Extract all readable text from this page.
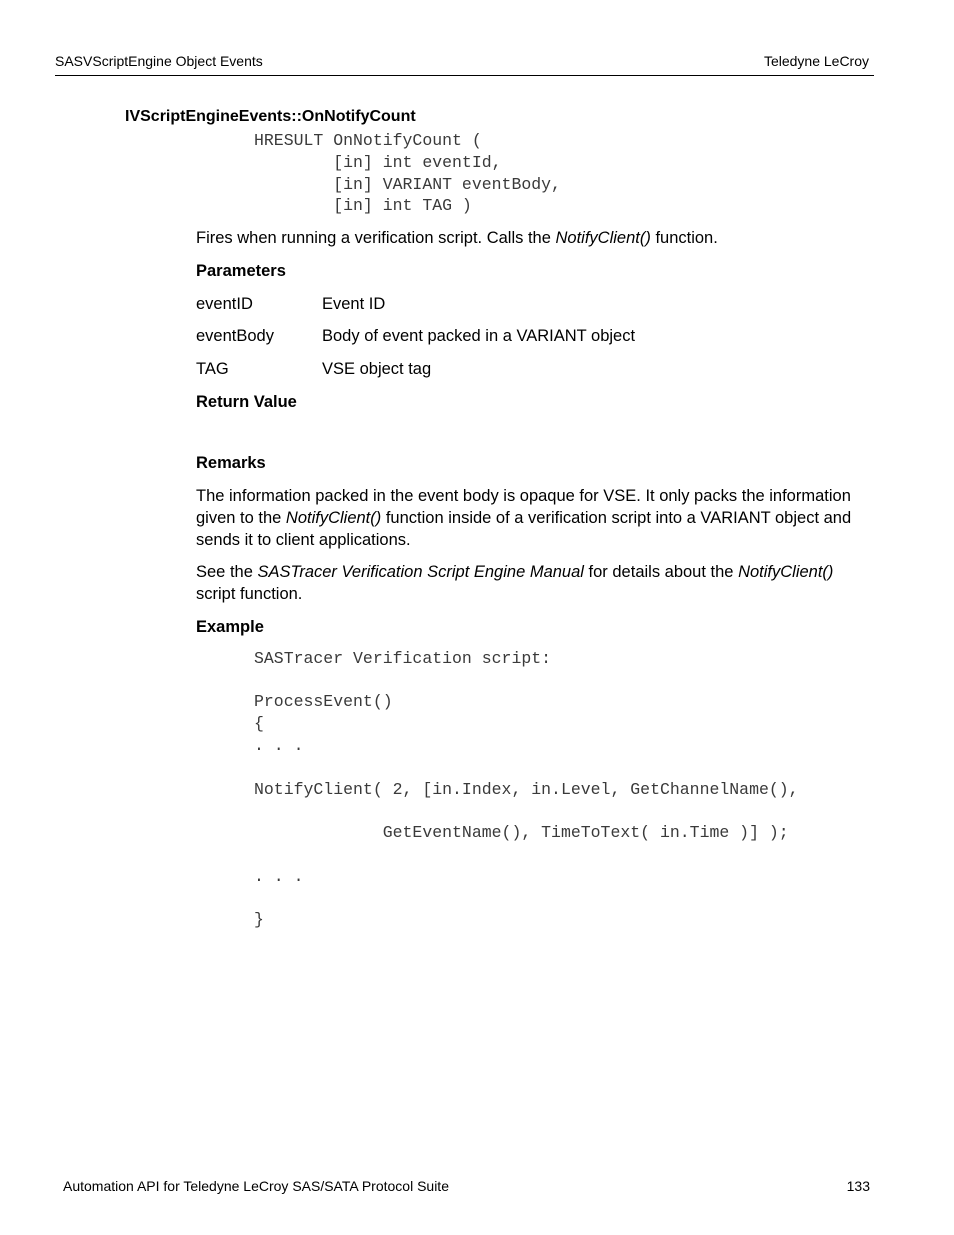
SASVScriptEngine Object Events	Teledyne LeCroy
IVScriptEngineEvents::OnNotifyCount
HRESULT OnNotifyCount (
[in] int eventId,
[in] VARIANT eventBody,
[in] int TAG )
Fires when running a verification script. Calls the NotifyClient() function.
Parameters
eventID	Event ID
eventBody	Body of event packed in a VARIANT object
TAG	VSE object tag
Return Value
Remarks
The information packed in the event body is opaque for VSE. It only packs the information given to the NotifyClient() function inside of a verification script into a VARIANT object and sends it to client applications.
See the SASTracer Verification Script Engine Manual for details about the NotifyClient() script function.
Example
SASTracer Verification script:
ProcessEvent()
{
. . .
NotifyClient( 2, [in.Index, in.Level, GetChannelName(),
GetEventName(), TimeToText( in.Time )] );
. . .
}
Automation API for Teledyne LeCroy SAS/SATA Protocol Suite	133
